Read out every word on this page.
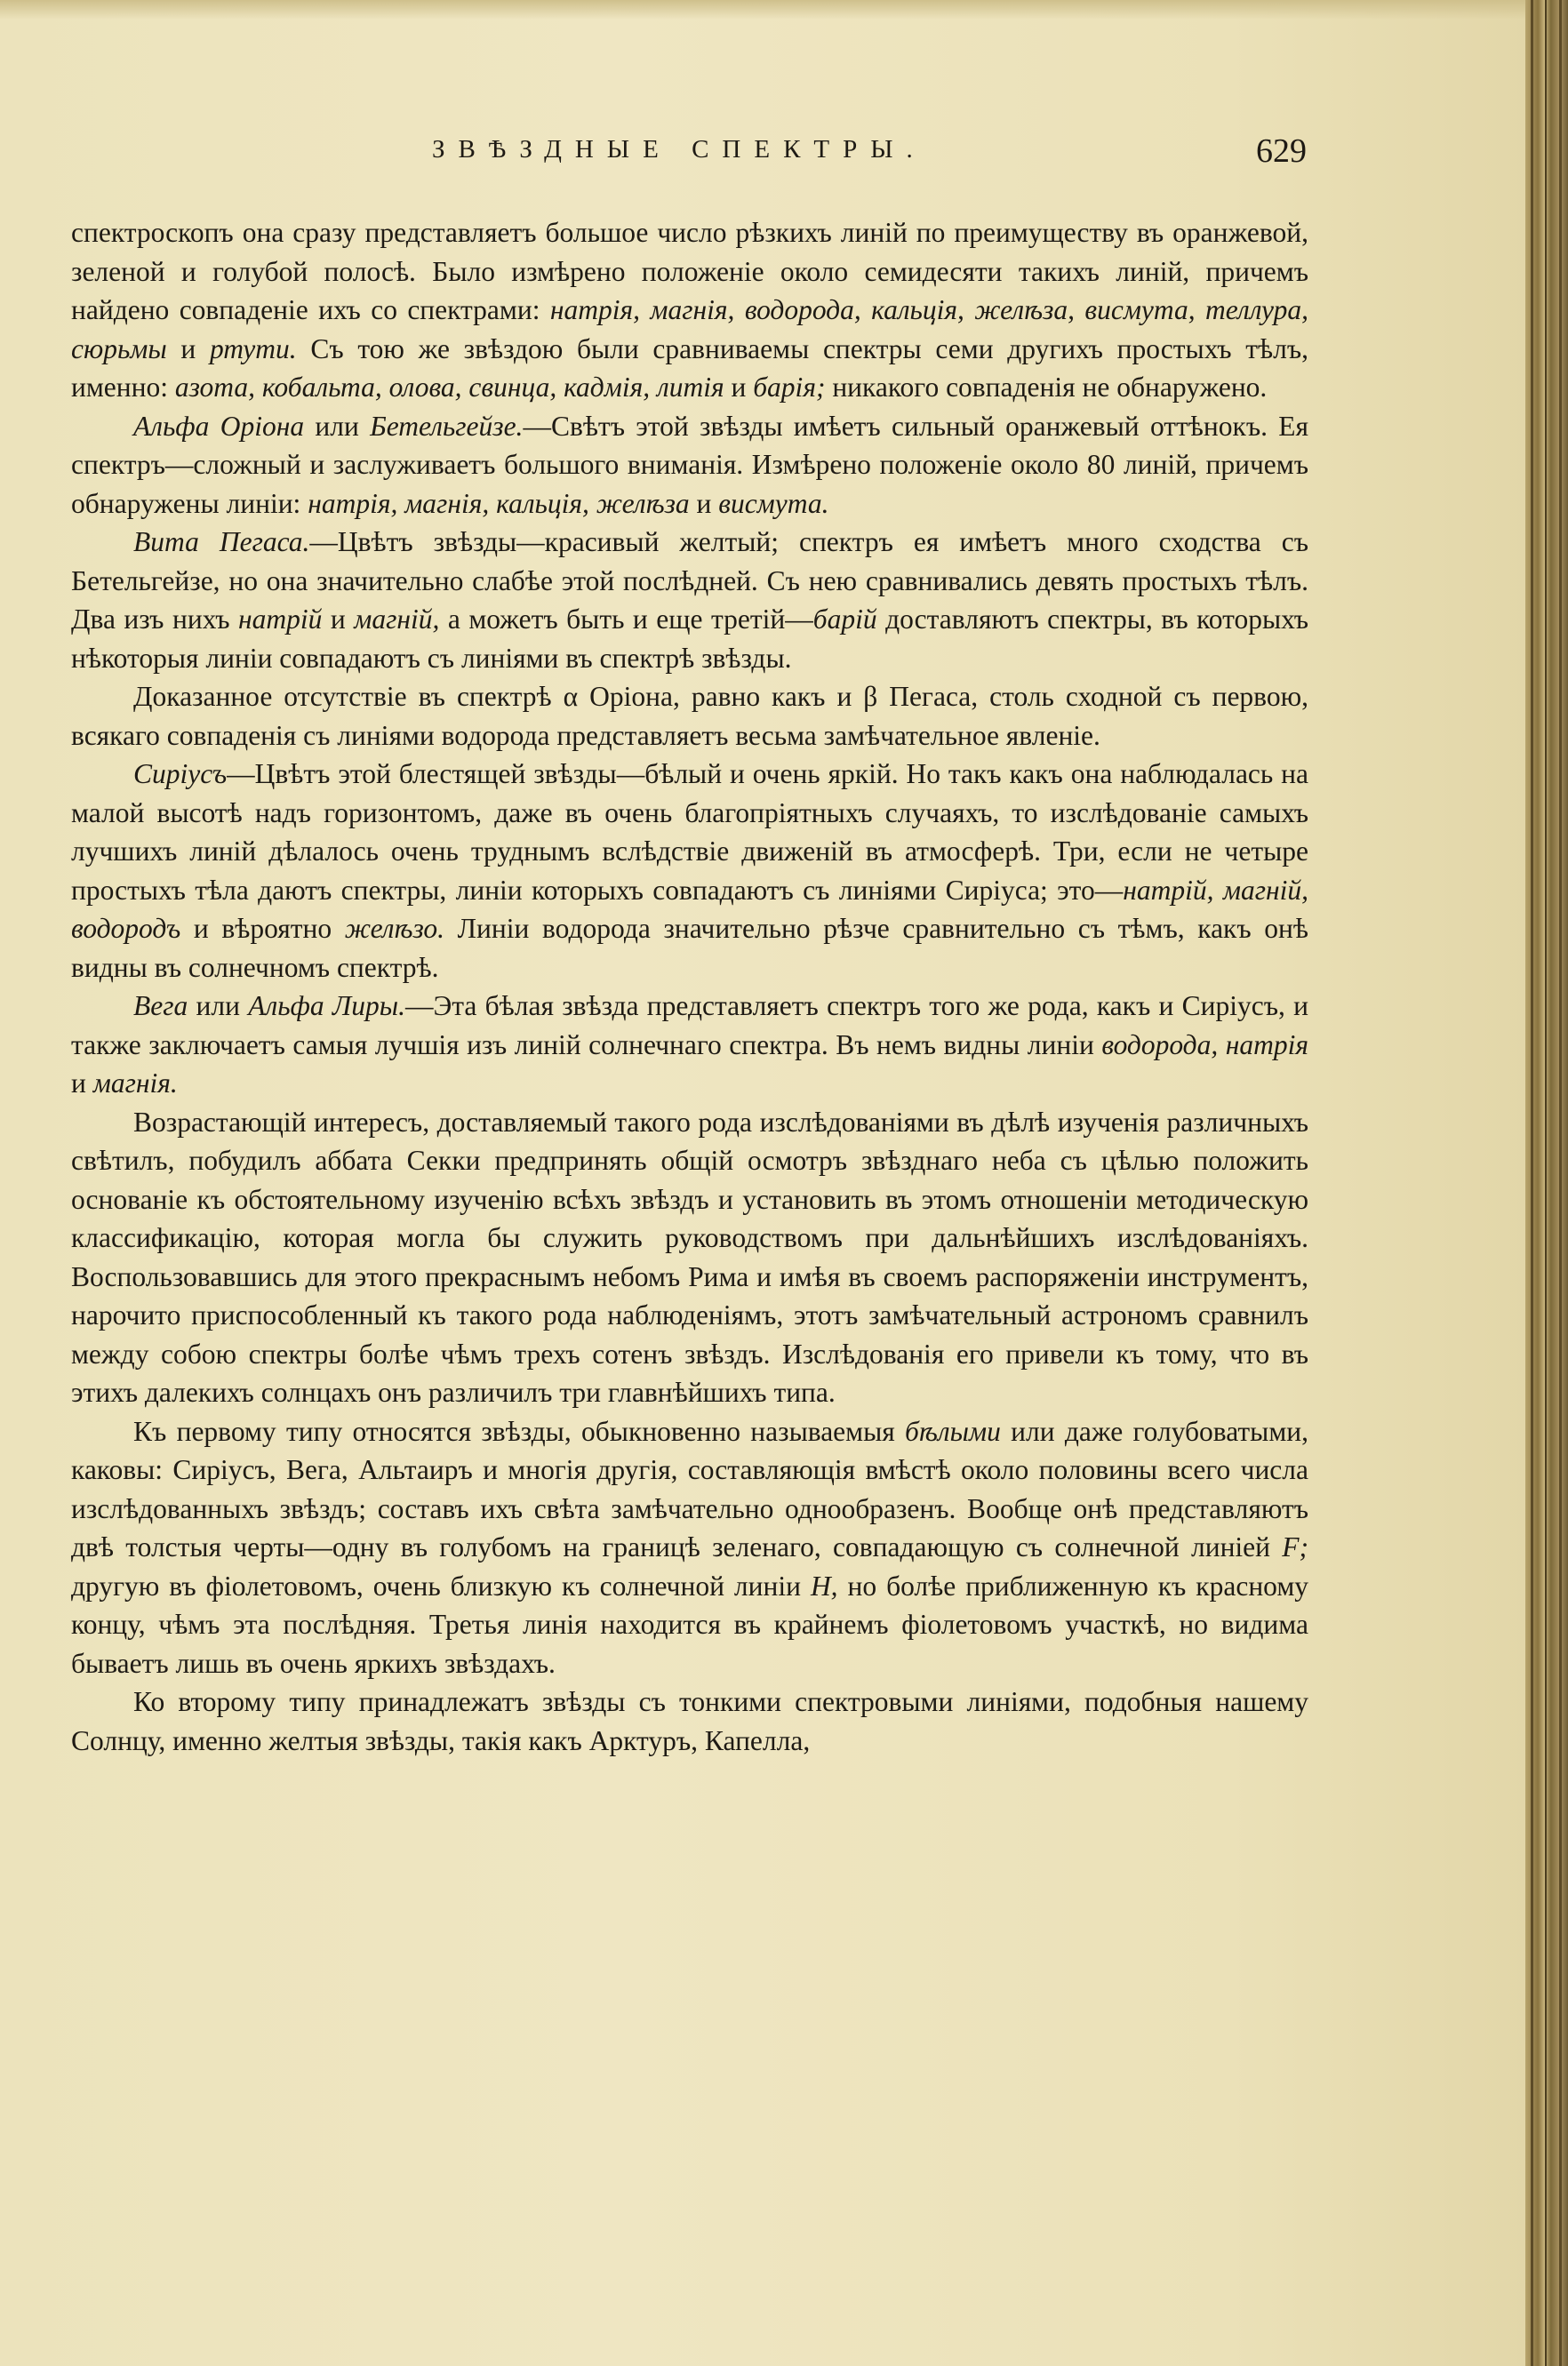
ЗВѢЗДНЫЕ СПЕКТРЫ.	629

спектроскопъ она сразу представляетъ большое число рѣзкихъ линій по преимуществу въ оранжевой, зеленой и голубой полосѣ. Было измѣрено положеніе около семидесяти такихъ линій, причемъ найдено совпаденіе ихъ со спектрами: натрія, магнія, водорода, кальція, желѣза, висмута, теллура, сюрьмы и ртути. Съ тою же звѣздою были сравниваемы спектры семи другихъ простыхъ тѣлъ, именно: азота, кобальта, олова, свинца, кадмія, литія и барія; никакого совпаденія не обнаружено.

Альфа Оріона или Бетельгейзе.—Свѣтъ этой звѣзды имѣетъ сильный оранжевый оттѣнокъ. Ея спектръ—сложный и заслуживаетъ большого вниманія. Измѣрено положеніе около 80 линій, причемъ обнаружены линіи: натрія, магнія, кальція, желѣза и висмута.

Вита Пегаса.—Цвѣтъ звѣзды—красивый желтый; спектръ ея имѣетъ много сходства съ Бетельгейзе, но она значительно слабѣе этой послѣдней. Съ нею сравнивались девять простыхъ тѣлъ. Два изъ нихъ натрій и магній, а можетъ быть и еще третій—барій доставляютъ спектры, въ которыхъ нѣкоторыя линіи совпадаютъ съ линіями въ спектрѣ звѣзды.

Доказанное отсутствіе въ спектрѣ α Оріона, равно какъ и β Пегаса, столь сходной съ первою, всякаго совпаденія съ линіями водорода представляетъ весьма замѣчательное явленіе.

Сиріусъ—Цвѣтъ этой блестящей звѣзды—бѣлый и очень яркій. Но такъ какъ она наблюдалась на малой высотѣ надъ горизонтомъ, даже въ очень благопріятныхъ случаяхъ, то изслѣдованіе самыхъ лучшихъ линій дѣлалось очень труднымъ вслѣдствіе движеній въ атмосферѣ. Три, если не четыре простыхъ тѣла даютъ спектры, линіи которыхъ совпадаютъ съ линіями Сиріуса; это—натрій, магній, водородъ и вѣроятно желѣзо. Линіи водорода значительно рѣзче сравнительно съ тѣмъ, какъ онѣ видны въ солнечномъ спектрѣ.

Вега или Альфа Лиры.—Эта бѣлая звѣзда представляетъ спектръ того же рода, какъ и Сиріусъ, и также заключаетъ самыя лучшія изъ линій солнечнаго спектра. Въ немъ видны линіи водорода, натрія и магнія.

Возрастающій интересъ, доставляемый такого рода изслѣдованіями въ дѣлѣ изученія различныхъ свѣтилъ, побудилъ аббата Секки предпринять общій осмотръ звѣзднаго неба съ цѣлью положить основаніе къ обстоятельному изученію всѣхъ звѣздъ и установить въ этомъ отношеніи методическую классификацію, которая могла бы служить руководствомъ при дальнѣйшихъ изслѣдованіяхъ. Воспользовавшись для этого прекраснымъ небомъ Рима и имѣя въ своемъ распоряженіи инструментъ, нарочито приспособленный къ такого рода наблюденіямъ, этотъ замѣчательный астрономъ сравнилъ между собою спектры болѣе чѣмъ трехъ сотенъ звѣздъ. Изслѣдованія его привели къ тому, что въ этихъ далекихъ солнцахъ онъ различилъ три главнѣйшихъ типа.

Къ первому типу относятся звѣзды, обыкновенно называемыя бѣлыми или даже голубоватыми, каковы: Сиріусъ, Вега, Альтаиръ и многія другія, составляющія вмѣстѣ около половины всего числа изслѣдованныхъ звѣздъ; составъ ихъ свѣта замѣчательно однообразенъ. Вообще онѣ представляютъ двѣ толстыя черты—одну въ голубомъ на границѣ зеленаго, совпадающую съ солнечной линіей F; другую въ фіолетовомъ, очень близкую къ солнечной линіи H, но болѣе приближенную къ красному концу, чѣмъ эта послѣдняя. Третья линія находится въ крайнемъ фіолетовомъ участкѣ, но видима бываетъ лишь въ очень яркихъ звѣздахъ.

Ко второму типу принадлежатъ звѣзды съ тонкими спектровыми линіями, подобныя нашему Солнцу, именно желтыя звѣзды, такія какъ Арктуръ, Капелла,
